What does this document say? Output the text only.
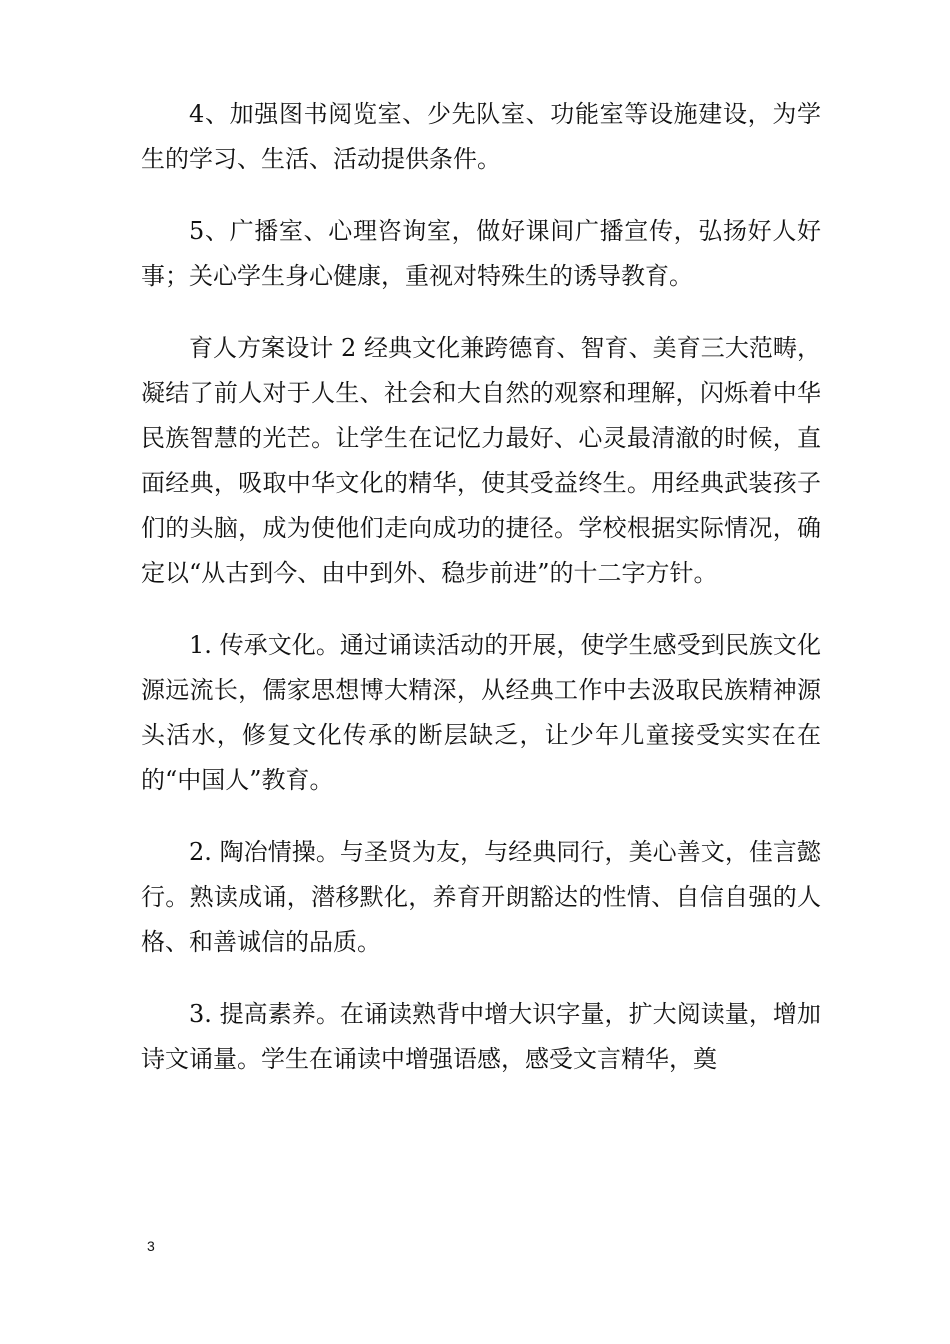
4、加强图书阅览室、少先队室、功能室等设施建设，为学生的学习、生活、活动提供条件。

5、广播室、心理咨询室，做好课间广播宣传，弘扬好人好事；关心学生身心健康，重视对特殊生的诱导教育。

育人方案设计 2 经典文化兼跨德育、智育、美育三大范畴，凝结了前人对于人生、社会和大自然的观察和理解，闪烁着中华民族智慧的光芒。让学生在记忆力最好、心灵最清澈的时候，直面经典，吸取中华文化的精华，使其受益终生。用经典武装孩子们的头脑，成为使他们走向成功的捷径。学校根据实际情况，确定以“从古到今、由中到外、稳步前进”的十二字方针。

1. 传承文化。通过诵读活动的开展，使学生感受到民族文化源远流长，儒家思想博大精深，从经典工作中去汲取民族精神源头活水，修复文化传承的断层缺乏，让少年儿童接受实实在在的“中国人”教育。

2. 陶冶情操。与圣贤为友，与经典同行，美心善文，佳言懿行。熟读成诵，潜移默化，养育开朗豁达的性情、自信自强的人格、和善诚信的品质。

3. 提高素养。在诵读熟背中增大识字量，扩大阅读量，增加诗文诵量。学生在诵读中增强语感，感受文言精华，奠

3
